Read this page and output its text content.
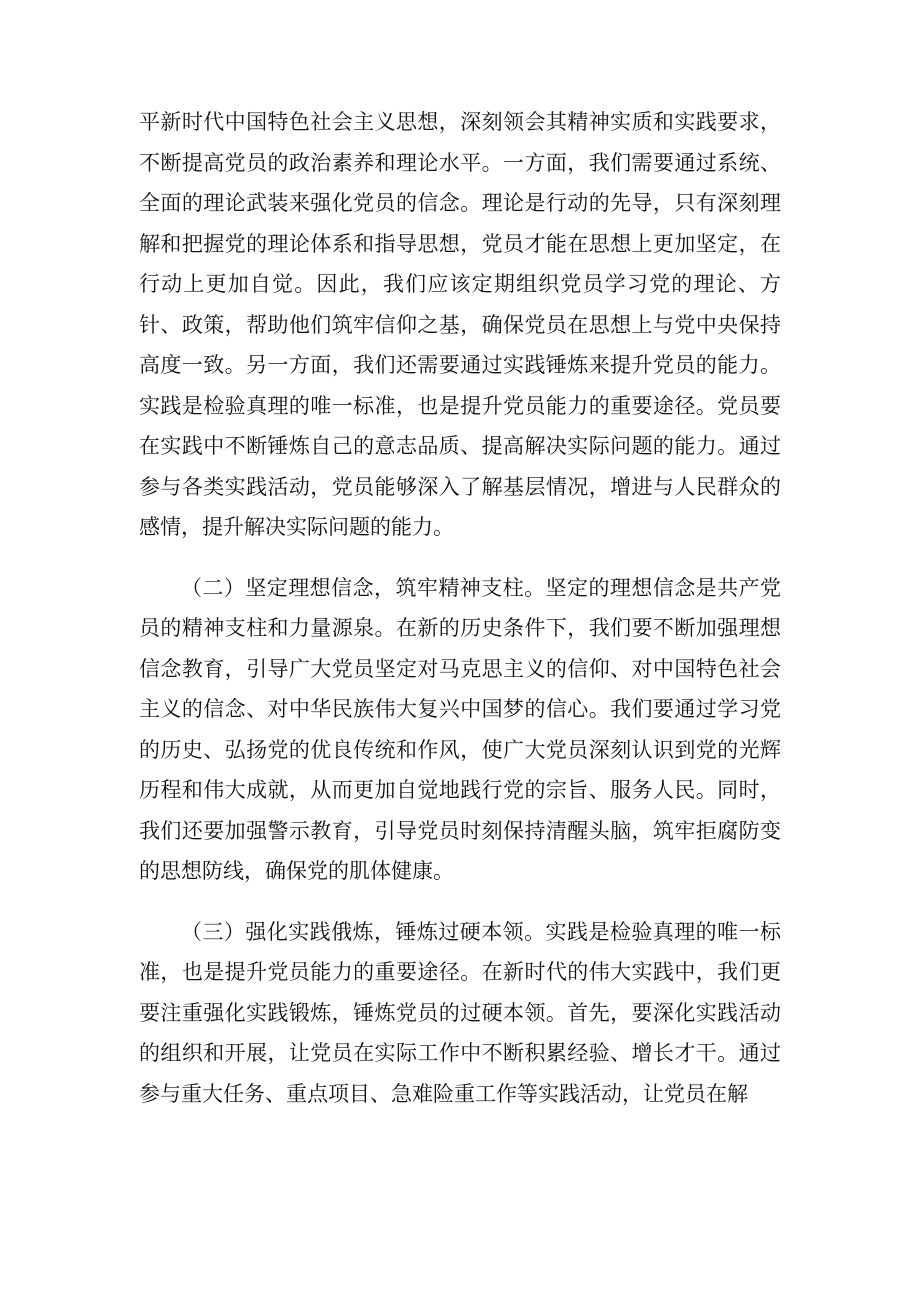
平新时代中国特色社会主义思想，深刻领会其精神实质和实践要求，不断提高党员的政治素养和理论水平。一方面，我们需要通过系统、全面的理论武装来强化党员的信念。理论是行动的先导，只有深刻理解和把握党的理论体系和指导思想，党员才能在思想上更加坚定，在行动上更加自觉。因此，我们应该定期组织党员学习党的理论、方针、政策，帮助他们筑牢信仰之基，确保党员在思想上与党中央保持高度一致。另一方面，我们还需要通过实践锤炼来提升党员的能力。实践是检验真理的唯一标准，也是提升党员能力的重要途径。党员要在实践中不断锤炼自己的意志品质、提高解决实际问题的能力。通过参与各类实践活动，党员能够深入了解基层情况，增进与人民群众的感情，提升解决实际问题的能力。

（二）坚定理想信念，筑牢精神支柱。坚定的理想信念是共产党员的精神支柱和力量源泉。在新的历史条件下，我们要不断加强理想信念教育，引导广大党员坚定对马克思主义的信仰、对中国特色社会主义的信念、对中华民族伟大复兴中国梦的信心。我们要通过学习党的历史、弘扬党的优良传统和作风，使广大党员深刻认识到党的光辉历程和伟大成就，从而更加自觉地践行党的宗旨、服务人民。同时，我们还要加强警示教育，引导党员时刻保持清醒头脑，筑牢拒腐防变的思想防线，确保党的肌体健康。

（三）强化实践俄炼，锤炼过硬本领。实践是检验真理的唯一标准，也是提升党员能力的重要途径。在新时代的伟大实践中，我们更要注重强化实践锻炼，锤炼党员的过硬本领。首先，要深化实践活动的组织和开展，让党员在实际工作中不断积累经验、增长才干。通过参与重大任务、重点项目、急难险重工作等实践活动，让党员在解
